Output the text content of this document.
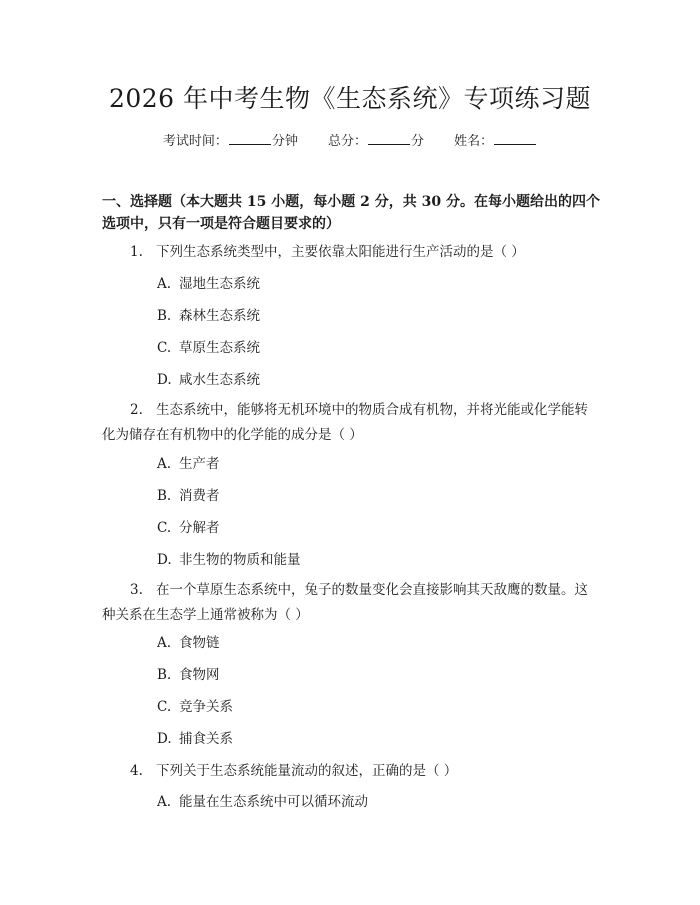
2026 年中考生物《生态系统》专项练习题
考试时间：	分钟 总分：	分 姓名：
一、选择题（本大题共 15 小题，每小题 2 分，共 30 分。在每小题给出的四个选项中，只有一项是符合题目要求的）
1. 下列生态系统类型中，主要依靠太阳能进行生产活动的是（ ）
A. 湿地生态系统
B. 森林生态系统
C. 草原生态系统
D. 咸水生态系统
2. 生态系统中，能够将无机环境中的物质合成有机物，并将光能或化学能转化为储存在有机物中的化学能的成分是（ ）
A. 生产者
B. 消费者
C. 分解者
D. 非生物的物质和能量
3. 在一个草原生态系统中，兔子的数量变化会直接影响其天敌鹰的数量。这种关系在生态学上通常被称为（ ）
A. 食物链
B. 食物网
C. 竞争关系
D. 捕食关系
4. 下列关于生态系统能量流动的叙述，正确的是（ ）
A. 能量在生态系统中可以循环流动
